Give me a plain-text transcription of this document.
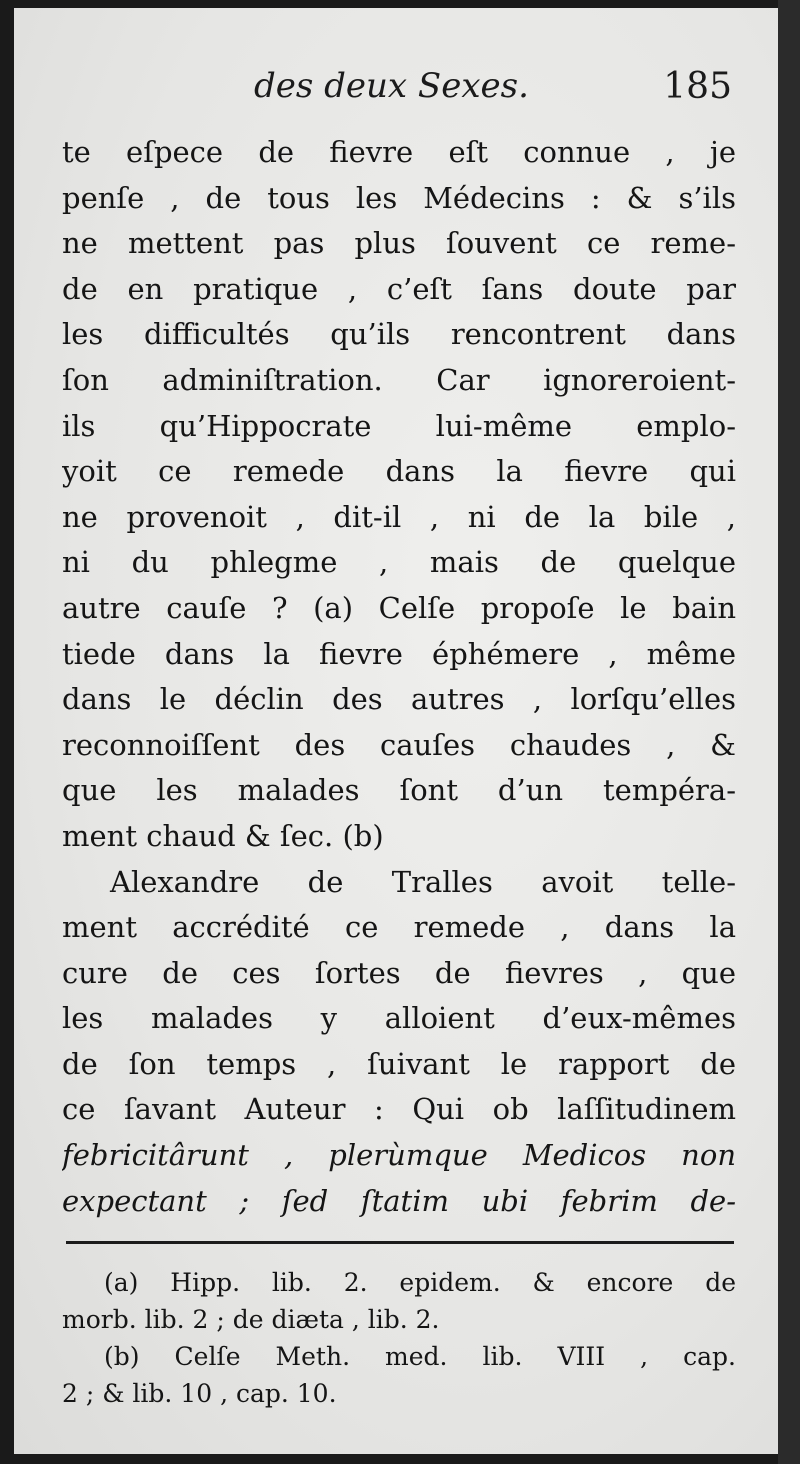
des deux Sexes.	185
te eſpece de fievre eſt connue , je
penſe , de tous les Médecins : & s’ils
ne mettent pas plus ſouvent ce reme-
de en pratique , c’eſt ſans doute par
les difficultés qu’ils rencontrent dans
ſon adminiſtration. Car ignoreroient-
ils qu’Hippocrate lui-même emplo-
yoit ce remede dans la fievre qui
ne provenoit , dit-il , ni de la bile ,
ni du phlegme , mais de quelque
autre cauſe ? (a) Celſe propoſe le bain
tiede dans la fievre éphémere , même
dans le déclin des autres , lorſqu’elles
reconnoiſſent des cauſes chaudes , &
que les malades ſont d’un tempéra-
ment chaud & ſec. (b)
Alexandre de Tralles avoit telle-
ment accrédité ce remede , dans la
cure de ces ſortes de fievres , que
les malades y alloient d’eux-mêmes
de ſon temps , ſuivant le rapport de
ce ſavant Auteur : Qui ob laſſitudinem
febricitârunt , plerùmque Medicos non
expectant ; ſed ſtatim ubi febrim de-
(a) Hipp. lib. 2. epidem. & encore de
morb. lib. 2 ; de diæta , lib. 2.
(b) Celſe Meth. med. lib. VIII , cap.
2 ; & lib. 10 , cap. 10.
